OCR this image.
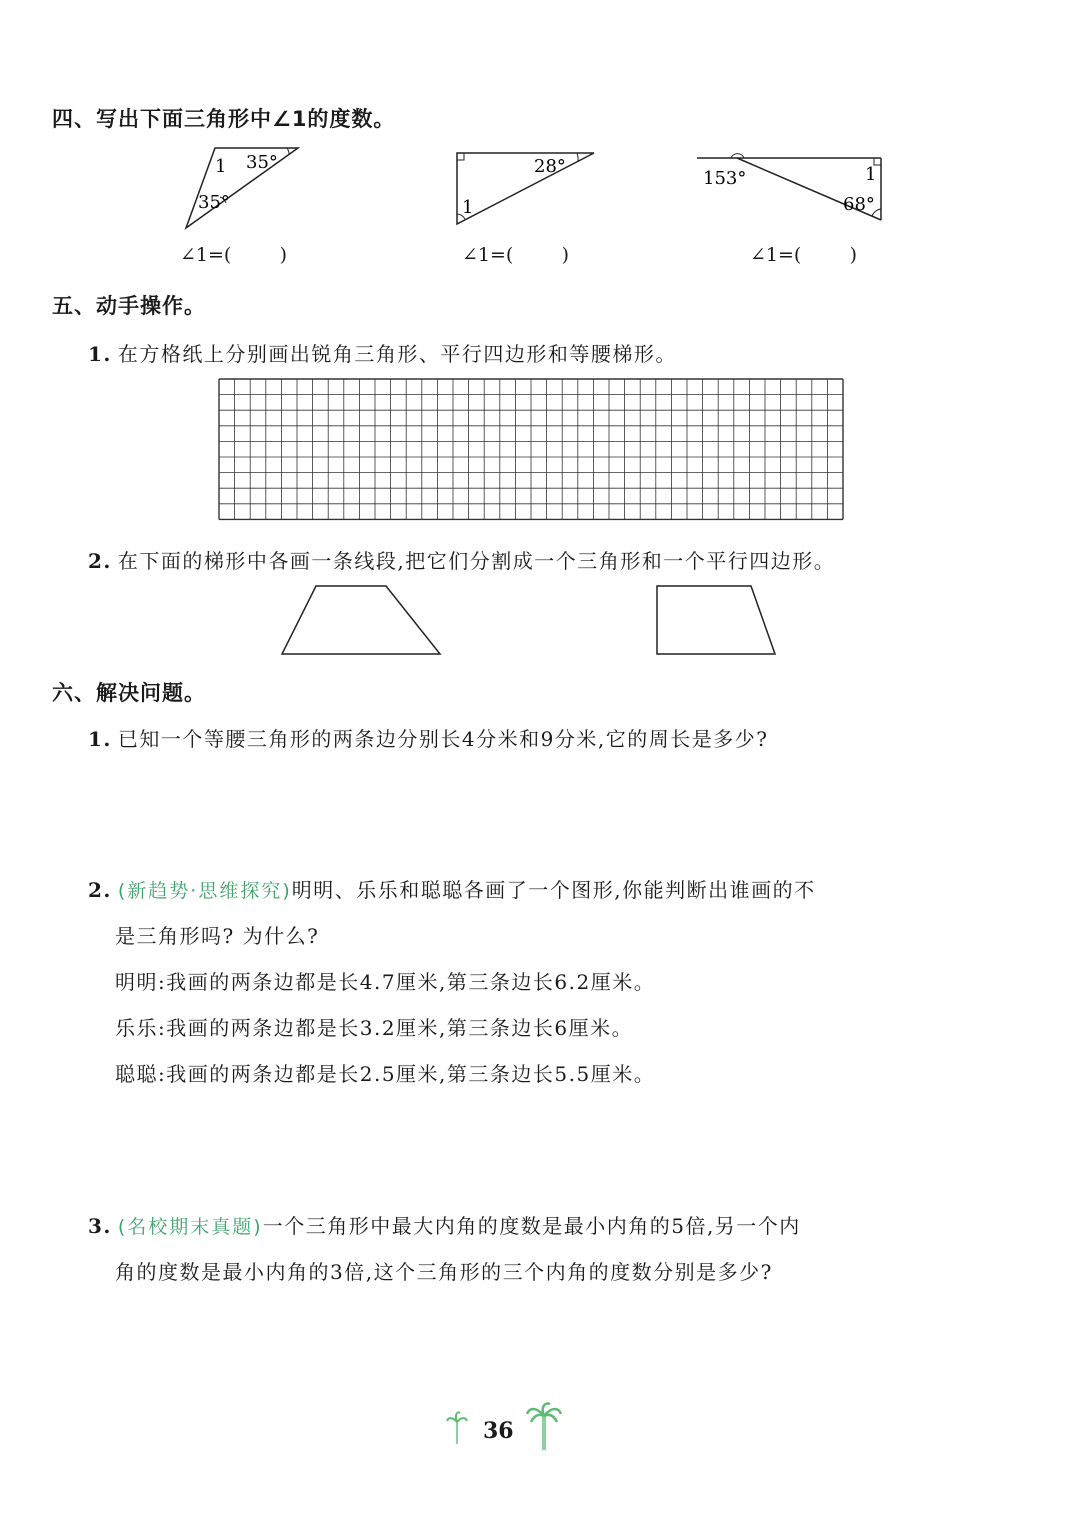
四、写出下面三角形中∠1的度数。
1 35°
35°
∠1=(        )
28°
1
∠1=(        )
153°	1
68°
∠1=(        )
五、动手操作。
1. 在方格纸上分别画出锐角三角形、平行四边形和等腰梯形。
2. 在下面的梯形中各画一条线段,把它们分割成一个三角形和一个平行四边形。
六、解决问题。
1. 已知一个等腰三角形的两条边分别长4分米和9分米,它的周长是多少?
2. (新趋势·思维探究)明明、乐乐和聪聪各画了一个图形,你能判断出谁画的不
是三角形吗? 为什么?
明明:我画的两条边都是长4.7厘米,第三条边长6.2厘米。
乐乐:我画的两条边都是长3.2厘米,第三条边长6厘米。
聪聪:我画的两条边都是长2.5厘米,第三条边长5.5厘米。
3. (名校期末真题)一个三角形中最大内角的度数是最小内角的5倍,另一个内
角的度数是最小内角的3倍,这个三角形的三个内角的度数分别是多少?
36
